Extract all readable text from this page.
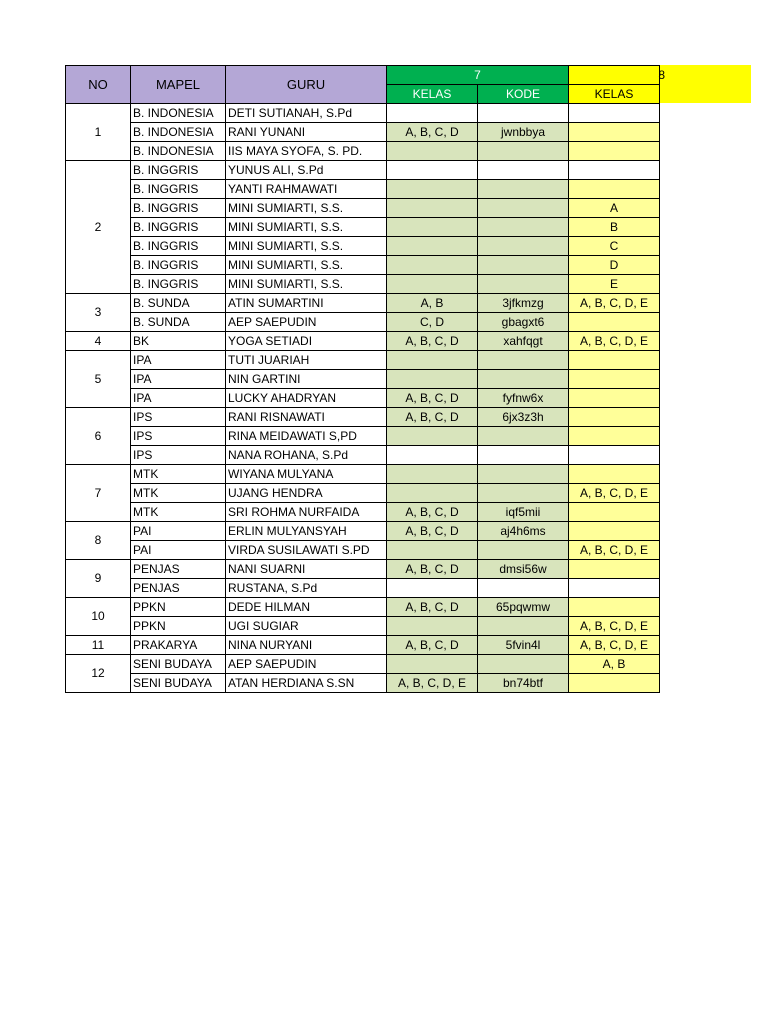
NO	MAPEL	GURU	7		8
			KELAS	KODE	KELAS
1	B. INDONESIA	DETI SUTIANAH, S.Pd			
	B. INDONESIA	RANI YUNANI	A, B, C, D	jwnbbya	
	B. INDONESIA	IIS MAYA SYOFA, S. PD.			
2	B. INGGRIS	YUNUS ALI, S.Pd			
	B. INGGRIS	YANTI RAHMAWATI			
	B. INGGRIS	MINI SUMIARTI, S.S.			A
	B. INGGRIS	MINI SUMIARTI, S.S.			B
	B. INGGRIS	MINI SUMIARTI, S.S.			C
	B. INGGRIS	MINI SUMIARTI, S.S.			D
	B. INGGRIS	MINI SUMIARTI, S.S.			E
3	B. SUNDA	ATIN SUMARTINI	A, B	3jfkmzg	A, B, C, D, E
	B. SUNDA	AEP SAEPUDIN	C, D	gbagxt6	
4	BK	YOGA SETIADI	A, B, C, D	xahfqgt	A, B, C, D, E
5	IPA	TUTI JUARIAH			
	IPA	NIN GARTINI			
	IPA	LUCKY AHADRYAN	A, B, C, D	fyfnw6x	
6	IPS	RANI RISNAWATI	A, B, C, D	6jx3z3h	
	IPS	RINA MEIDAWATI S,PD			
	IPS	NANA ROHANA, S.Pd			
7	MTK	WIYANA MULYANA			
	MTK	UJANG HENDRA			A, B, C, D, E
	MTK	SRI ROHMA NURFAIDA	A, B, C, D	iqf5mii	
8	PAI	ERLIN MULYANSYAH	A, B, C, D	aj4h6ms	
	PAI	VIRDA SUSILAWATI S.PD			A, B, C, D, E
9	PENJAS	NANI SUARNI	A, B, C, D	dmsi56w	
	PENJAS	RUSTANA, S.Pd			
10	PPKN	DEDE HILMAN	A, B, C, D	65pqwmw	
	PPKN	UGI SUGIAR			A, B, C, D, E
11	PRAKARYA	NINA NURYANI	A, B, C, D	5fvin4l	A, B, C, D, E
12	SENI BUDAYA	AEP SAEPUDIN			A, B
	SENI BUDAYA	ATAN HERDIANA S.SN	A, B, C, D, E	bn74btf	
